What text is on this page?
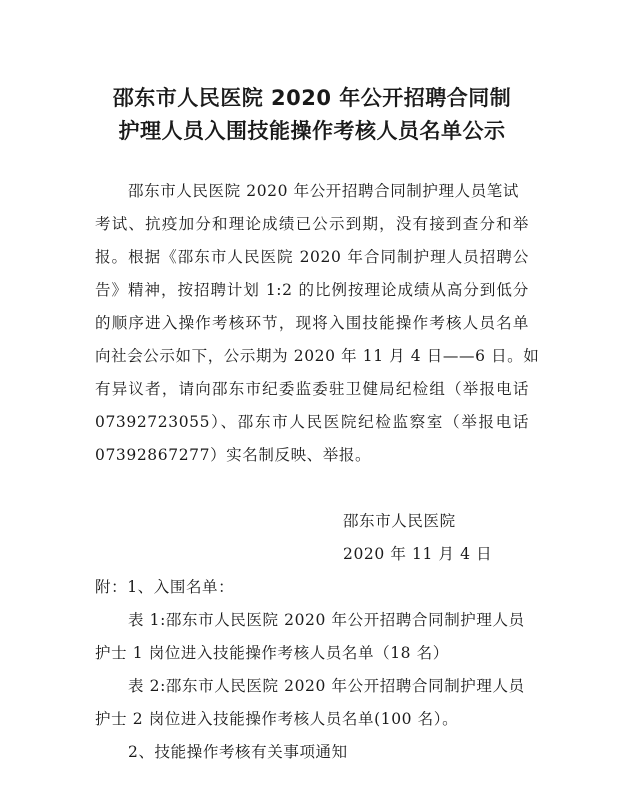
邵东市人民医院 2020 年公开招聘合同制
护理人员入围技能操作考核人员名单公示
邵东市人民医院 2020 年公开招聘合同制护理人员笔试
考试、抗疫加分和理论成绩已公示到期，没有接到查分和举
报。根据《邵东市人民医院 2020 年合同制护理人员招聘公
告》精神，按招聘计划 1:2 的比例按理论成绩从高分到低分
的顺序进入操作考核环节，现将入围技能操作考核人员名单
向社会公示如下，公示期为 2020 年 11 月 4 日——6 日。如
有异议者，请向邵东市纪委监委驻卫健局纪检组（举报电话
07392723055）、邵东市人民医院纪检监察室（举报电话
07392867277）实名制反映、举报。
邵东市人民医院
2020 年 11 月 4 日
附：1、入围名单：
表 1:邵东市人民医院 2020 年公开招聘合同制护理人员
护士 1 岗位进入技能操作考核人员名单（18 名）
表 2:邵东市人民医院 2020 年公开招聘合同制护理人员
护士 2 岗位进入技能操作考核人员名单(100 名）。
2、技能操作考核有关事项通知
